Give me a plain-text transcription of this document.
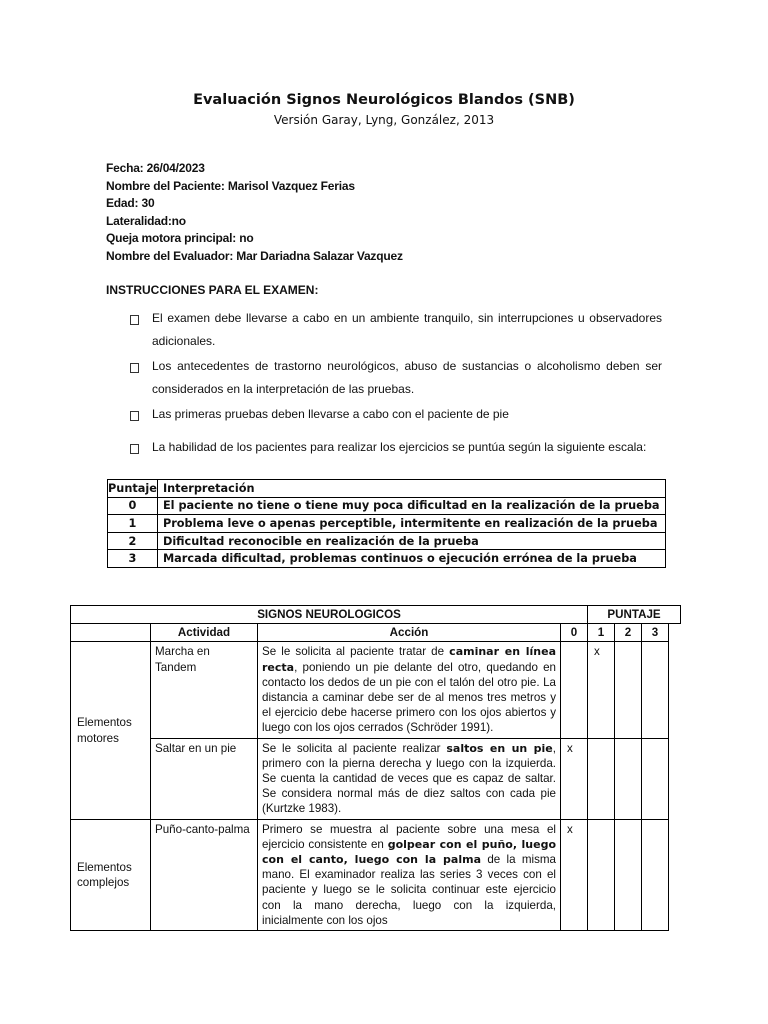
Evaluación Signos Neurológicos Blandos (SNB)
Versión Garay, Lyng, González, 2013
Fecha: 26/04/2023
Nombre del Paciente: Marisol Vazquez Ferias
Edad: 30
Lateralidad:no
Queja motora principal: no
Nombre del Evaluador: Mar Dariadna Salazar Vazquez
INSTRUCCIONES PARA EL EXAMEN:
El examen debe llevarse a cabo en un ambiente tranquilo, sin interrupciones u observadores adicionales.
Los antecedentes de trastorno neurológicos, abuso de sustancias o alcoholismo deben ser considerados en la interpretación de las pruebas.
Las primeras pruebas deben llevarse a cabo con el paciente de pie
La habilidad de los pacientes para realizar los ejercicios se puntúa según la siguiente escala:
Puntaje	Interpretación
0	El paciente no tiene o tiene muy poca dificultad en la realización de la prueba
1	Problema leve o apenas perceptible, intermitente en realización de la prueba
2	Dificultad reconocible en realización de la prueba
3	Marcada dificultad, problemas continuos o ejecución errónea de la prueba
SIGNOS NEUROLOGICOS				PUNTAJE			
	Actividad	Acción	0	1	2	3	
Elementos motores	Marcha en Tandem	Se le solicita al paciente tratar de caminar en línea recta, poniendo un pie delante del otro, quedando en contacto los dedos de un pie con el talón del otro pie. La distancia a caminar debe ser de al menos tres metros y el ejercicio debe hacerse primero con los ojos abiertos y luego con los ojos cerrados (Schröder 1991).		x			
	Saltar en un pie	Se le solicita al paciente realizar saltos en un pie, primero con la pierna derecha y luego con la izquierda. Se cuenta la cantidad de veces que es capaz de saltar. Se considera normal más de diez saltos con cada pie (Kurtzke 1983).	x				
Elementos complejos	Puño-canto-palma	Primero se muestra al paciente sobre una mesa el ejercicio consistente en golpear con el puño, luego con el canto, luego con la palma de la misma mano. El examinador realiza las series 3 veces con el paciente y luego se le solicita continuar este ejercicio con la mano derecha, luego con la izquierda, inicialmente con los ojos	x				
